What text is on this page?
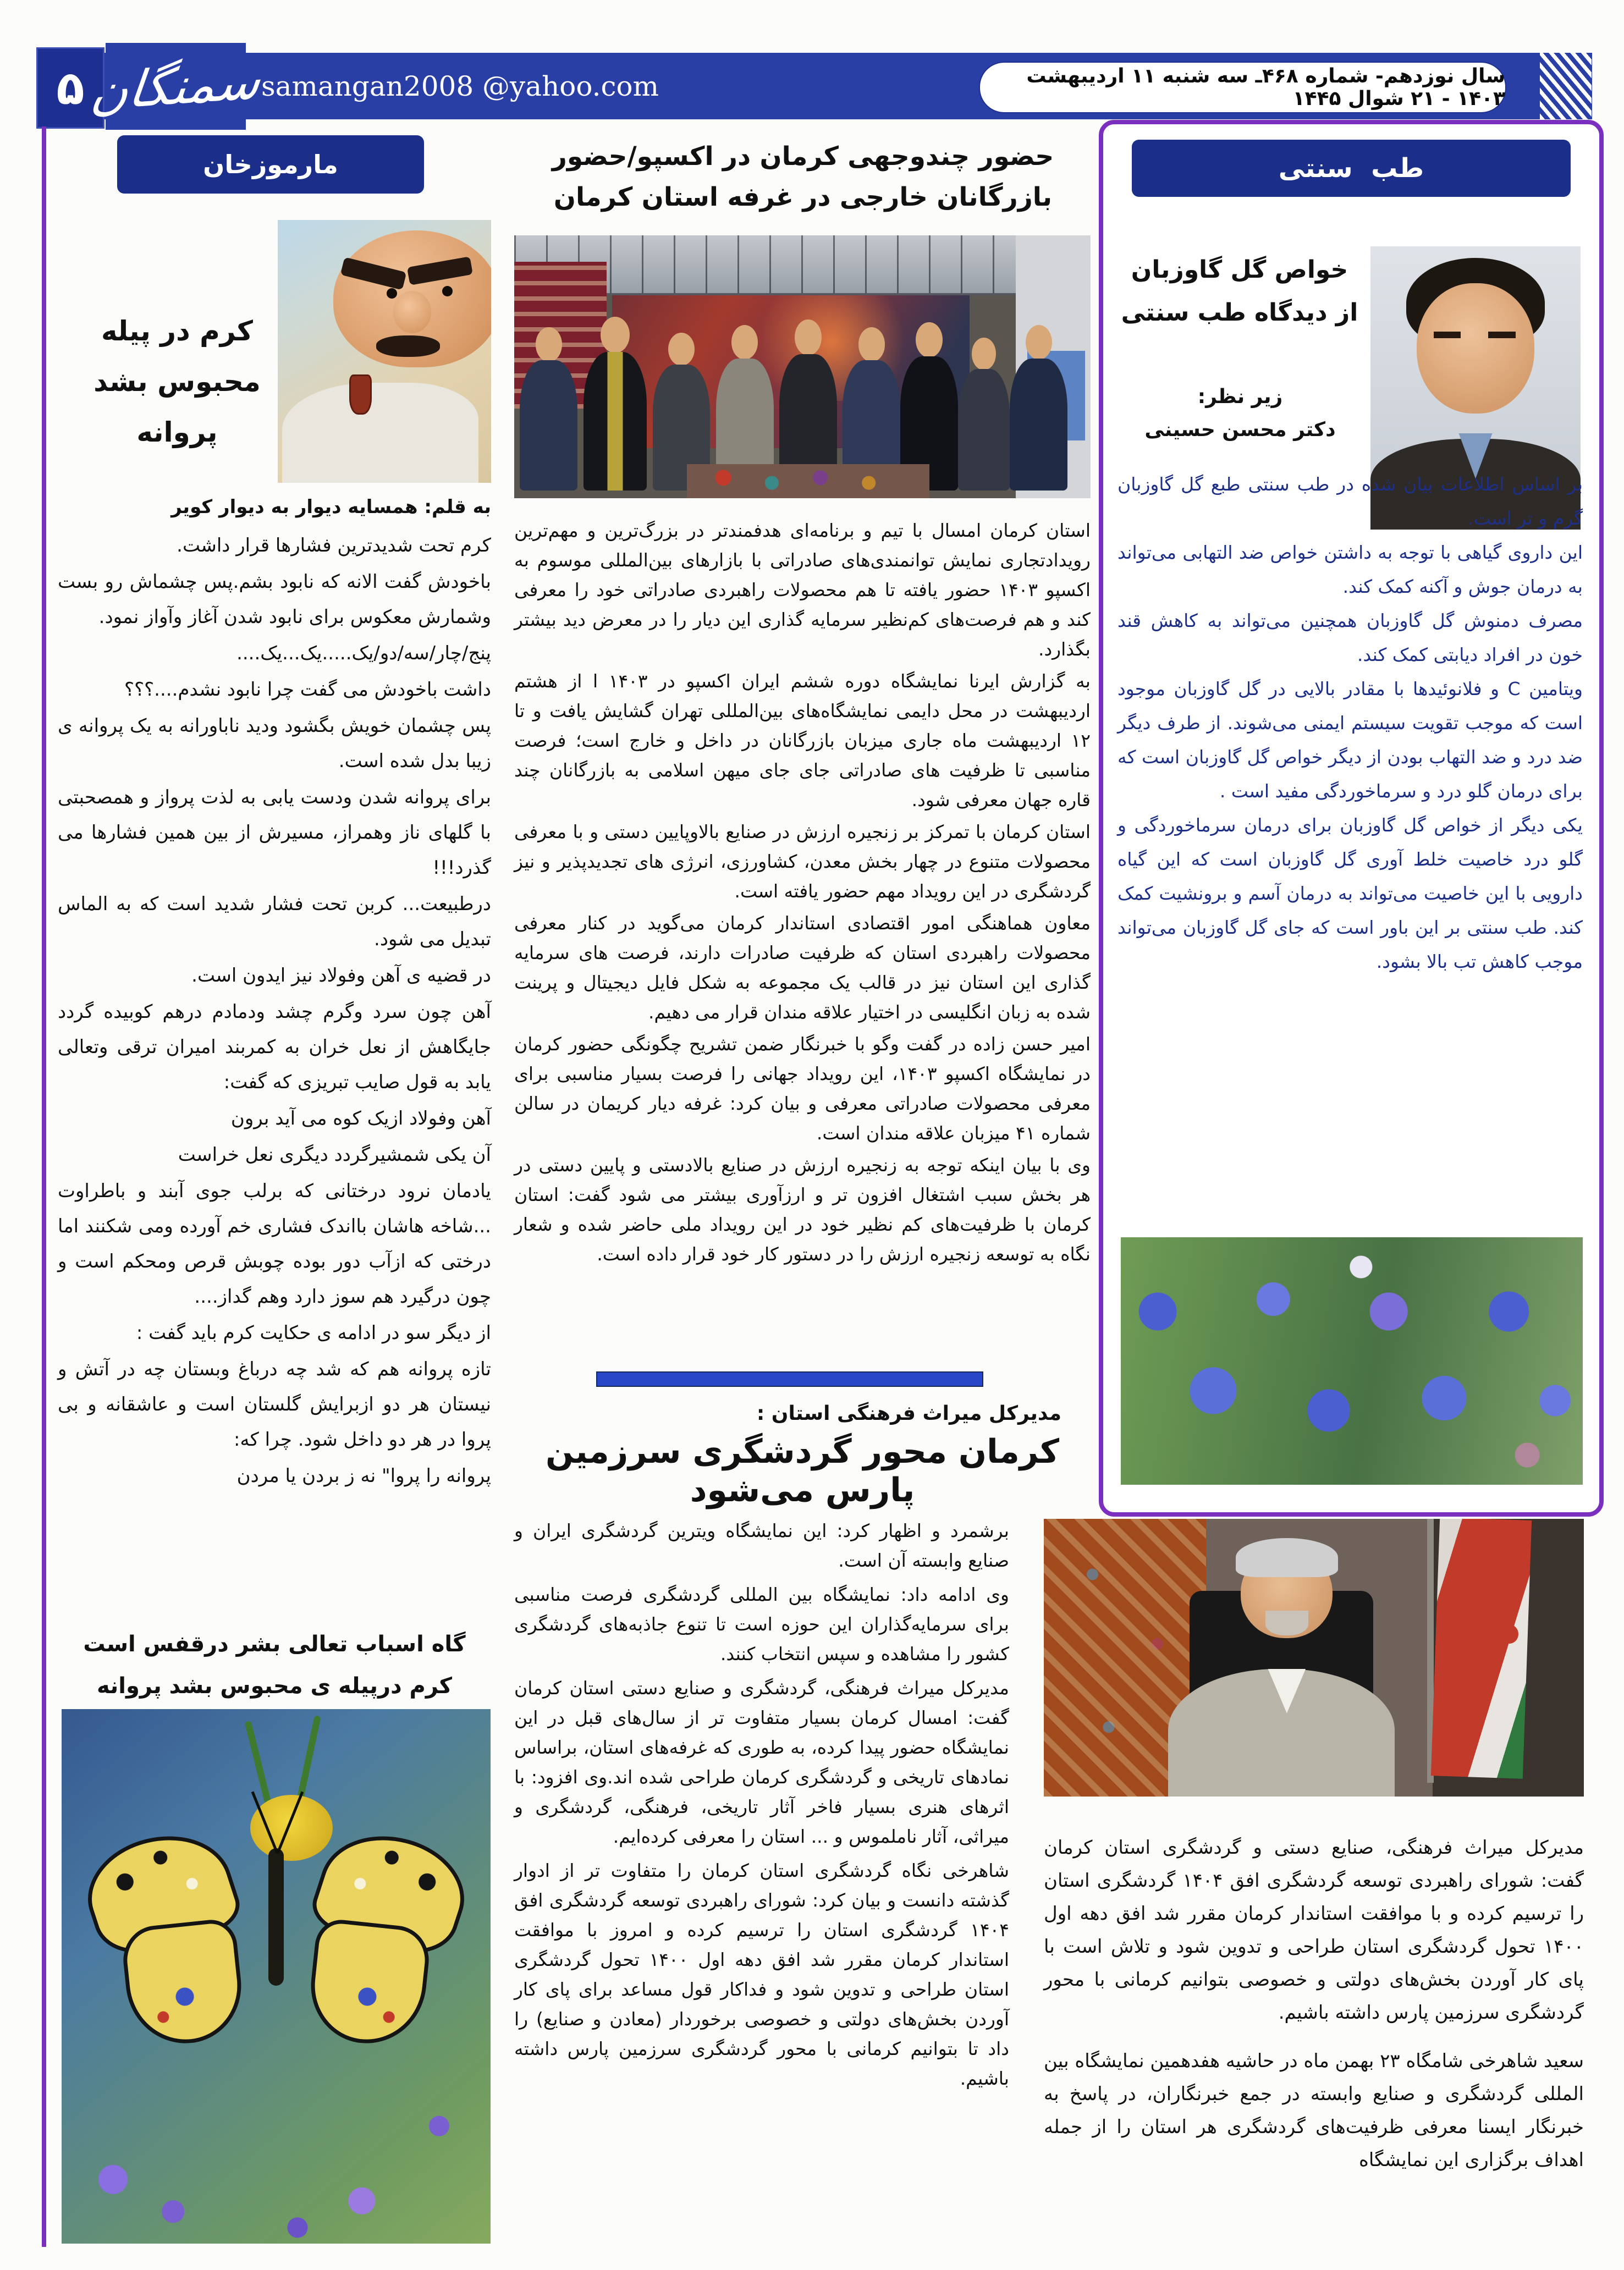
۵ سمنگان
samangan2008 @yahoo.com	سال نوزدهم- شماره ۴۶۸ـ سه شنبه ۱۱ اردیبهشت ۱۴۰۳ - ۲۱ شوال ۱۴۴۵
مارموزخان
کرم در پیله
محبوس بشد
پروانه
به قلم: همسایه دیوار به دیوار کویر

کرم تحت شدیدترین فشارها قرار داشت.

باخودش گفت الانه که نابود بشم.پس چشماش رو بست وشمارش معکوس برای نابود شدن آغاز وآواز نمود.

پنج/چار/سه/دو/یک.....یک...یک....

داشت باخودش می گفت چرا نابود نشدم....؟؟؟

پس چشمان خویش بگشود ودید ناباورانه به یک پروانه ی زیبا بدل شده است.

برای پروانه شدن ودست یابی به لذت پرواز و همصحبتی با گلهای ناز وهمراز، مسیرش از بین همین فشارها می گذرد!!!

درطبیعت... کربن تحت فشار شدید است که به الماس تبدیل می شود.

در قضیه ی آهن وفولاد نیز ایدون است.

آهن چون سرد وگرم چشد ودمادم درهم کوبیده گردد جایگاهش از نعل خران به کمربند امیران ترقی وتعالی یابد به قول صایب تبریزی که گفت:

آهن وفولاد ازیک کوه می آید برون

آن یکی شمشیرگردد دیگری نعل خراست

یادمان نرود درختانی که برلب جوی آبند و باطراوت ...شاخه هاشان بااندک فشاری خم آورده ومی شکنند اما درختی که ازآب دور بوده چوبش قرص ومحکم است و چون درگیرد هم سوز دارد وهم گداز....

از دیگر سو در ادامه ی حکایت کرم باید گفت :

تازه پروانه هم که شد چه درباغ وبستان چه در آتش و نیستان هر دو ازبرایش گلستان است و عاشقانه و بی پروا در هر دو داخل شود. چرا که:

پروانه را پروا" نه ز بردن یا مردن

گاه اسباب تعالی بشر درقفس است
کرم درپیله ی محبوس بشد پروانه
حضور چندوجهی کرمان در اکسپو/حضور بازرگانان خارجی در غرفه استان کرمان

استان کرمان امسال با تیم و برنامه‌ای هدفمندتر در بزرگ‌ترین و مهم‌ترین رویدادتجاری نمایش توانمندی‌های صادراتی با بازارهای بین‌المللی موسوم به اکسپو ۱۴۰۳ حضور یافته تا هم محصولات راهبردی صادراتی خود را معرفی کند و هم فرصت‌های کم‌نظیر سرمایه گذاری این دیار را در معرض دید بیشتر بگذارد.

به گزارش ایرنا نمایشگاه دوره ششم ایران اکسپو در ۱۴۰۳ ا از هشتم اردیبهشت در محل دایمی نمایشگاه‌های بین‌المللی تهران گشایش یافت و تا ۱۲ اردیبهشت ماه جاری میزبان بازرگانان در داخل و خارج است؛ فرصت مناسبی تا ظرفیت های صادراتی جای جای میهن اسلامی به بازرگانان چند قاره جهان معرفی شود.

استان کرمان با تمرکز بر زنجیره ارزش در صنایع بالاوپایین دستی و با معرفی محصولات متنوع در چهار بخش معدن، کشاورزی، انرژی های تجدیدپذیر و نیز گردشگری در این رویداد مهم حضور یافته است.

معاون هماهنگی امور اقتصادی استاندار کرمان می‌گوید در کنار معرفی محصولات راهبردی استان که ظرفیت صادرات دارند، فرصت های سرمایه گذاری این استان نیز در قالب یک مجموعه به شکل فایل دیجیتال و پرینت شده به زبان انگلیسی در اختیار علاقه مندان قرار می دهیم.

امیر حسن زاده در گفت وگو با خبرنگار ضمن تشریح چگونگی حضور کرمان در نمایشگاه اکسپو ۱۴۰۳، این رویداد جهانی را فرصت بسیار مناسبی برای معرفی محصولات صادراتی معرفی و بیان کرد: غرفه دیار کریمان در سالن شماره ۴۱ میزبان علاقه مندان است.

وی با بیان اینکه توجه به زنجیره ارزش در صنایع بالادستی و پایین دستی در هر بخش سبب اشتغال افزون تر و ارزآوری بیشتر می شود گفت: استان کرمان با ظرفیت‌های کم نظیر خود در این رویداد ملی حاضر شده و شعار نگاه به توسعه زنجیره ارزش را در دستور کار خود قرار داده است.

مدیرکل میراث فرهنگی استان :
کرمان محور گردشگری سرزمین پارس می‌شود

برشمرد و اظهار کرد: این نمایشگاه ویترین گردشگری ایران و صنایع وابسته آن است.

وی ادامه داد: نمایشگاه بین المللی گردشگری فرصت مناسبی برای سرمایه‌گذاران این حوزه است تا تنوع جاذبه‌های گردشگری کشور را مشاهده و سپس انتخاب کنند.

مدیرکل میراث فرهنگی، گردشگری و صنایع دستی استان کرمان گفت: امسال کرمان بسیار متفاوت تر از سال‌های قبل در این نمایشگاه حضور پیدا کرده، به طوری که غرفه‌های استان، براساس نمادهای تاریخی و گردشگری کرمان طراحی شده اند.وی افزود: با اثرهای هنری بسیار فاخر آثار تاریخی، فرهنگی، گردشگری و میراثی، آثار ناملموس و ... استان را معرفی کرده‌ایم.

شاهرخی نگاه گردشگری استان کرمان را متفاوت تر از ادوار گذشته دانست و بیان کرد: شورای راهبردی توسعه گردشگری افق ۱۴۰۴ گردشگری استان را ترسیم کرده و امروز با موافقت استاندار کرمان مقرر شد افق دهه اول ۱۴۰۰ تحول گردشگری استان طراحی و تدوین شود و فداکار قول مساعد برای پای کار آوردن بخش‌های دولتی و خصوصی برخوردار (معادن و صنایع) را داد تا بتوانیم کرمانی با محور گردشگری سرزمین پارس داشته باشیم.

طب  سنتی
خواص گل گاوزبان
از دیدگاه طب سنتی
زیر نظر:
دکتر محسن حسینی

بر اساس اطلاعات بیان شده در طب سنتی طبع گل گاوزبان گرم و تر است.

این داروی گیاهی با توجه به داشتن خواص ضد التهابی می‌تواند به درمان جوش و آکنه کمک کند.

مصرف دمنوش گل گاوزبان همچنین می‌تواند به کاهش قند خون در افراد دیابتی کمک کند.

ویتامین C و فلانوئیدها با مقادر بالایی در گل گاوزبان موجود است که موجب تقویت سیستم ایمنی می‌شوند. از طرف دیگر ضد درد و ضد التهاب بودن از دیگر خواص گل گاوزبان است که برای درمان گلو درد و سرماخوردگی مفید است .

یکی دیگر از خواص گل گاوزبان برای درمان سرماخوردگی و گلو درد خاصیت خلط آوری گل گاوزبان است که این گیاه دارویی با این خاصیت می‌تواند به درمان آسم و برونشیت کمک کند. طب سنتی بر این باور است که جای گل گاوزبان می‌تواند موجب کاهش تب بالا بشود.

مدیرکل میراث فرهنگی، صنایع دستی و گردشگری استان کرمان گفت: شورای راهبردی توسعه گردشگری افق ۱۴۰۴ گردشگری استان را ترسیم کرده و با موافقت استاندار کرمان مقرر شد افق دهه اول ۱۴۰۰ تحول گردشگری استان طراحی و تدوین شود و تلاش است با پای کار آوردن بخش‌های دولتی و خصوصی بتوانیم کرمانی با محور گردشگری سرزمین پارس داشته باشیم.

سعید شاهرخی شامگاه ۲۳ بهمن ماه در حاشیه هفدهمین نمایشگاه بین المللی گردشگری و صنایع وابسته در جمع خبرنگاران، در پاسخ به خبرنگار ایسنا معرفی ظرفیت‌های گردشگری هر استان را از جمله اهداف برگزاری این نمایشگاه
